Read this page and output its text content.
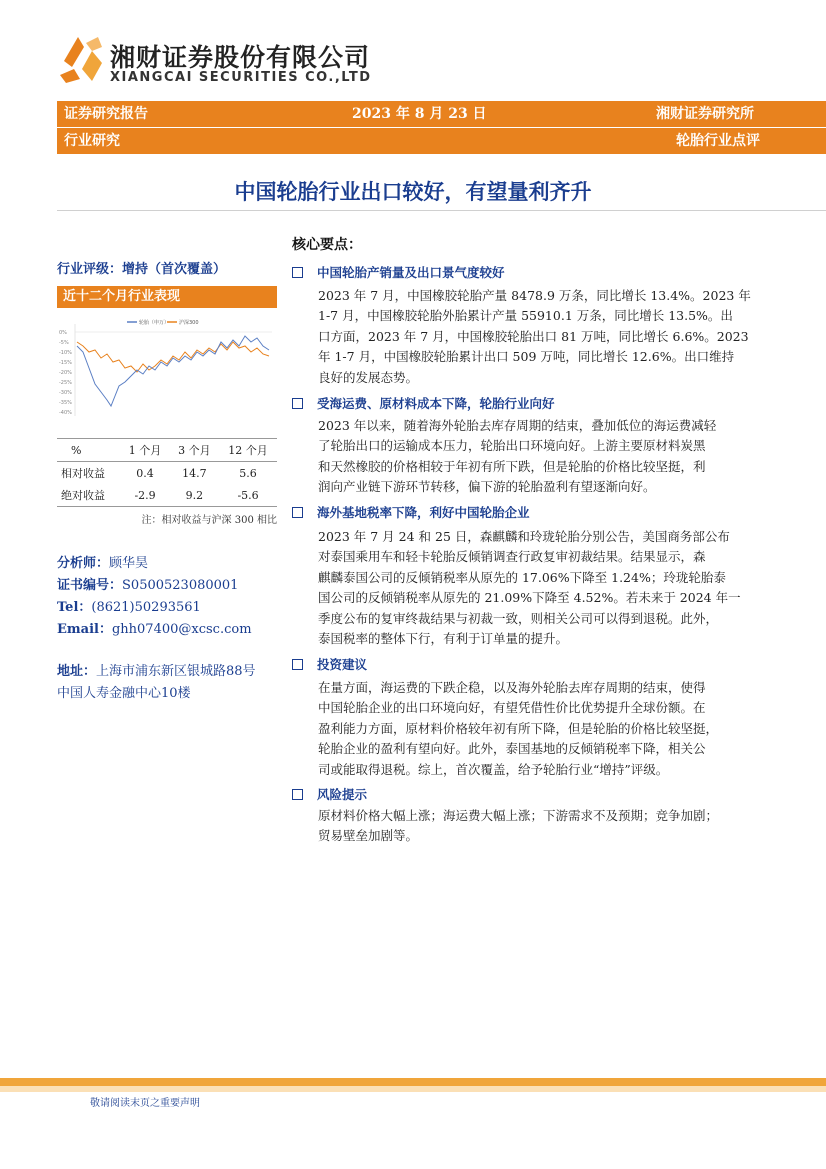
湘财证券股份有限公司
XIANGCAI SECURITIES CO.,LTD
证券研究报告	2023 年 8 月 23 日	湘财证券研究所
行业研究	轮胎行业点评
中国轮胎行业出口较好，有望量利齐升
行业评级：增持（首次覆盖）
近十二个月行业表现
0%
-5%
-10%
-15%
-20%
-25%
-30%
-35%
-40%
轮胎（申万） 沪深300
%	1 个月	3 个月	12 个月
相对收益	0.4	14.7	5.6
绝对收益	-2.9	9.2	-5.6
注：相对收益与沪深 300 相比
分析师：顾华昊
证书编号：S0500523080001
Tel：(8621)50293561
Email：ghh07400@xcsc.com
地址：上海市浦东新区银城路88号
中国人寿金融中心10楼
核心要点：
中国轮胎产销量及出口景气度较好

2023 年 7 月，中国橡胶轮胎产量 8478.9 万条，同比增长 13.4%。2023 年

1-7 月，中国橡胶轮胎外胎累计产量 55910.1 万条，同比增长 13.5%。出

口方面，2023 年 7 月，中国橡胶轮胎出口 81 万吨，同比增长 6.6%。2023

年 1-7 月，中国橡胶轮胎累计出口 509 万吨，同比增长 12.6%。出口维持

良好的发展态势。

受海运费、原材料成本下降，轮胎行业向好

2023 年以来，随着海外轮胎去库存周期的结束，叠加低位的海运费减轻

了轮胎出口的运输成本压力，轮胎出口环境向好。上游主要原材料炭黑

和天然橡胶的价格相较于年初有所下跌，但是轮胎的价格比较坚挺，利

润向产业链下游环节转移，偏下游的轮胎盈利有望逐渐向好。

海外基地税率下降，利好中国轮胎企业

2023 年 7 月 24 和 25 日，森麒麟和玲珑轮胎分别公告，美国商务部公布

对泰国乘用车和轻卡轮胎反倾销调查行政复审初裁结果。结果显示，森

麒麟泰国公司的反倾销税率从原先的 17.06%下降至 1.24%；玲珑轮胎泰

国公司的反倾销税率从原先的 21.09%下降至 4.52%。若未来于 2024 年一

季度公布的复审终裁结果与初裁一致，则相关公司可以得到退税。此外，

泰国税率的整体下行，有利于订单量的提升。

投资建议

在量方面，海运费的下跌企稳，以及海外轮胎去库存周期的结束，使得

中国轮胎企业的出口环境向好，有望凭借性价比优势提升全球份额。在

盈利能力方面，原材料价格较年初有所下降，但是轮胎的价格比较坚挺，

轮胎企业的盈利有望向好。此外，泰国基地的反倾销税率下降，相关公

司或能取得退税。综上，首次覆盖，给予轮胎行业“增持”评级。

风险提示

原材料价格大幅上涨；海运费大幅上涨；下游需求不及预期；竞争加剧；

贸易壁垒加剧等。

敬请阅读末页之重要声明
